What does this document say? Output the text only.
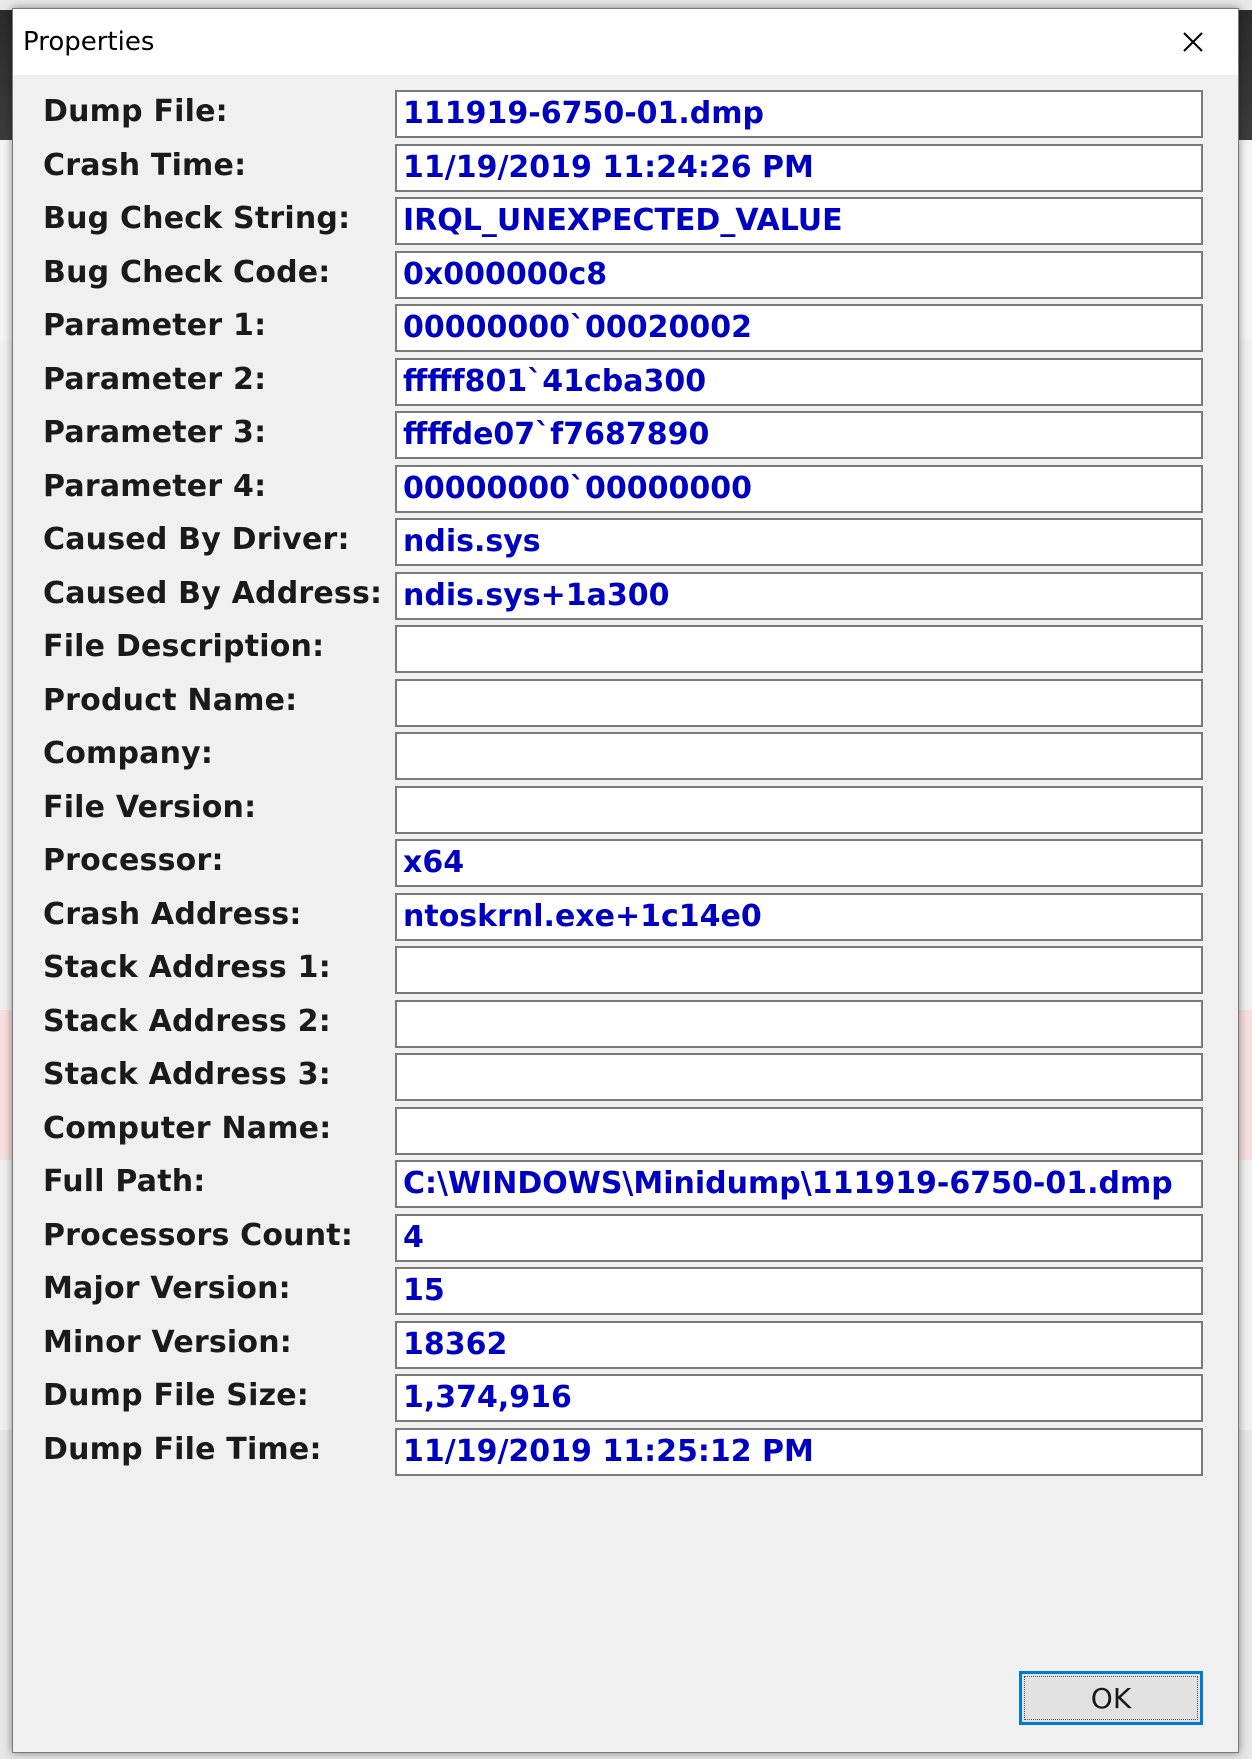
Properties
Dump File:	111919-6750-01.dmp
Crash Time:	11/19/2019 11:24:26 PM
Bug Check String: IRQL_UNEXPECTED_VALUE
Bug Check Code: 0x000000c8
Parameter 1:	00000000`00020002
Parameter 2:	fffff801`41cba300
Parameter 3:	ffffde07`f7687890
Parameter 4:	00000000`00000000
Caused By Driver: ndis.sys
Caused By Address: ndis.sys+1a300
File Description:
Product Name:
Company:
File Version:
Processor:	x64
Crash Address:	ntoskrnl.exe+1c14e0
Stack Address 1:
Stack Address 2:
Stack Address 3:
Computer Name:
Full Path:	C:\WINDOWS\Minidump\111919-6750-01.dmp
Processors Count: 4
Major Version:	15
Minor Version:	18362
Dump File Size:	1,374,916
Dump File Time:	11/19/2019 11:25:12 PM
OK
